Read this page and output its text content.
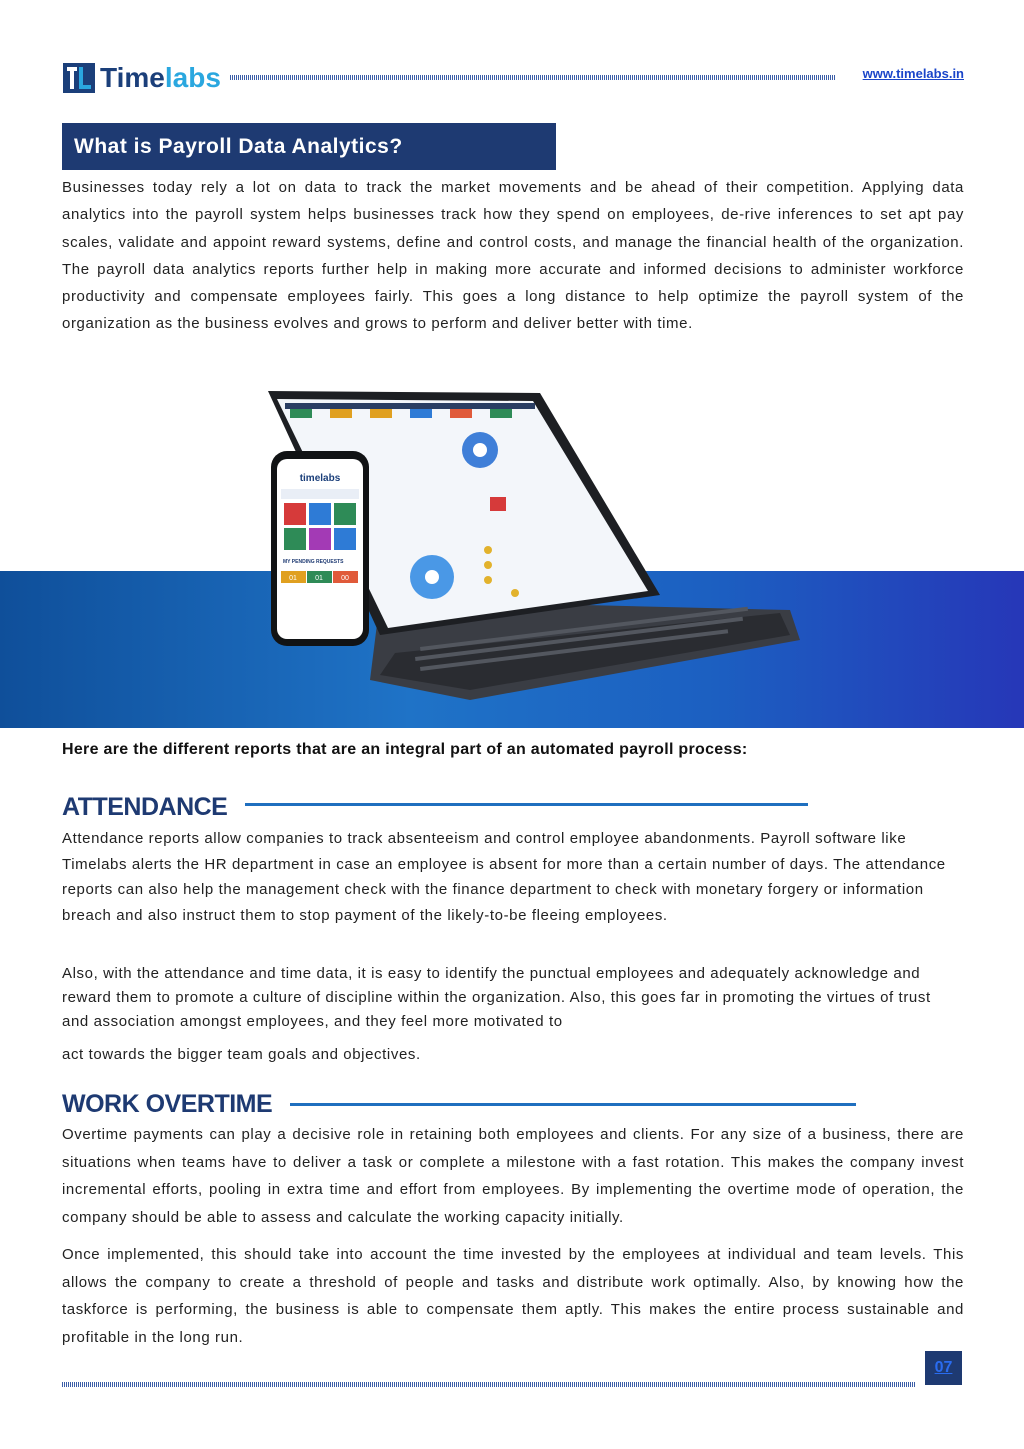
Timelabs	www.timelabs.in
What is Payroll Data Analytics?

Businesses today rely a lot on data to track the market movements and be ahead of their competition. Applying data analytics into the payroll system helps businesses track how they spend on employees, de-rive inferences to set apt pay scales, validate and appoint reward systems, define and control costs, and manage the financial health of the organization. The payroll data analytics reports further help in making more accurate and informed decisions to administer workforce productivity and compensate employees fairly. This goes a long distance to help optimize the payroll system of the organization as the business evolves and grows to perform and deliver better with time.

timelabs
MY PENDING REQUESTS
01	01	00
Here are the different reports that are an integral part of an automated payroll process:
ATTENDANCE

Attendance reports allow companies to track absenteeism and control employee abandonments. Payroll software like Timelabs alerts the HR department in case an employee is absent for more than a certain number of days. The attendance reports can also help the management check with the finance department to check with monetary forgery or information breach and also instruct them to stop payment of the likely-to-be fleeing employees.

Also, with the attendance and time data, it is easy to identify the punctual employees and adequately acknowledge and reward them to promote a culture of discipline within the organization. Also, this goes far in promoting the virtues of trust and association amongst employees, and they feel more motivated to

act towards the bigger team goals and objectives.

WORK OVERTIME

Overtime payments can play a decisive role in retaining both employees and clients. For any size of a business, there are situations when teams have to deliver a task or complete a milestone with a fast rotation. This makes the company invest incremental efforts, pooling in extra time and effort from employees. By implementing the overtime mode of operation, the company should be able to assess and calculate the working capacity initially.

Once implemented, this should take into account the time invested by the employees at individual and team levels. This allows the company to create a threshold of people and tasks and distribute work optimally. Also, by knowing how the taskforce is performing, the business is able to compensate them aptly. This makes the entire process sustainable and profitable in the long run.

07
